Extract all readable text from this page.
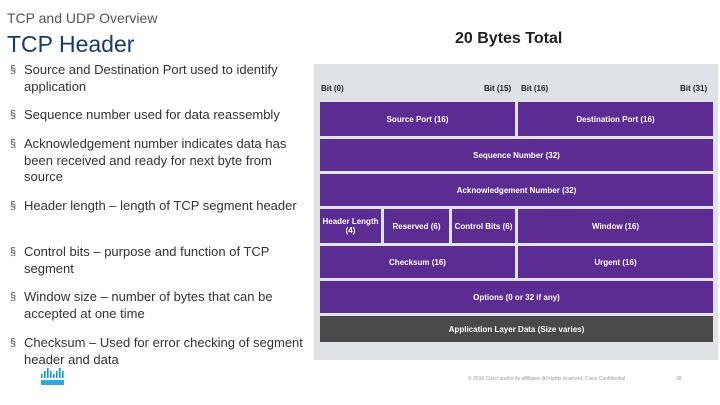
TCP and UDP Overview
TCP Header	20 Bytes Total
§ Source and Destination Port used to identify application
§ Sequence number used for data reassembly
§ Acknowledgement number indicates data has been received and ready for next byte from source
§ Header length – length of TCP segment header
§ Control bits – purpose and function of TCP segment
§ Window size – number of bytes that can be accepted at one time
§ Checksum – Used for error checking of segment header and data
Bit (0)	Bit (15) Bit (16)	Bit (31)
Source Port (16)	Destination Port (16)
Sequence Number (32)
Acknowledgement Number (32)
Header Length (4)	Reserved (6)	Control Bits (6)	Window (16)
Checksum (16)	Urgent (16)
Options (0 or 32 if any)
Application Layer Data (Size varies)
© 2016 Cisco and/or its affiliates. All rights reserved. Cisco Confidential	38
